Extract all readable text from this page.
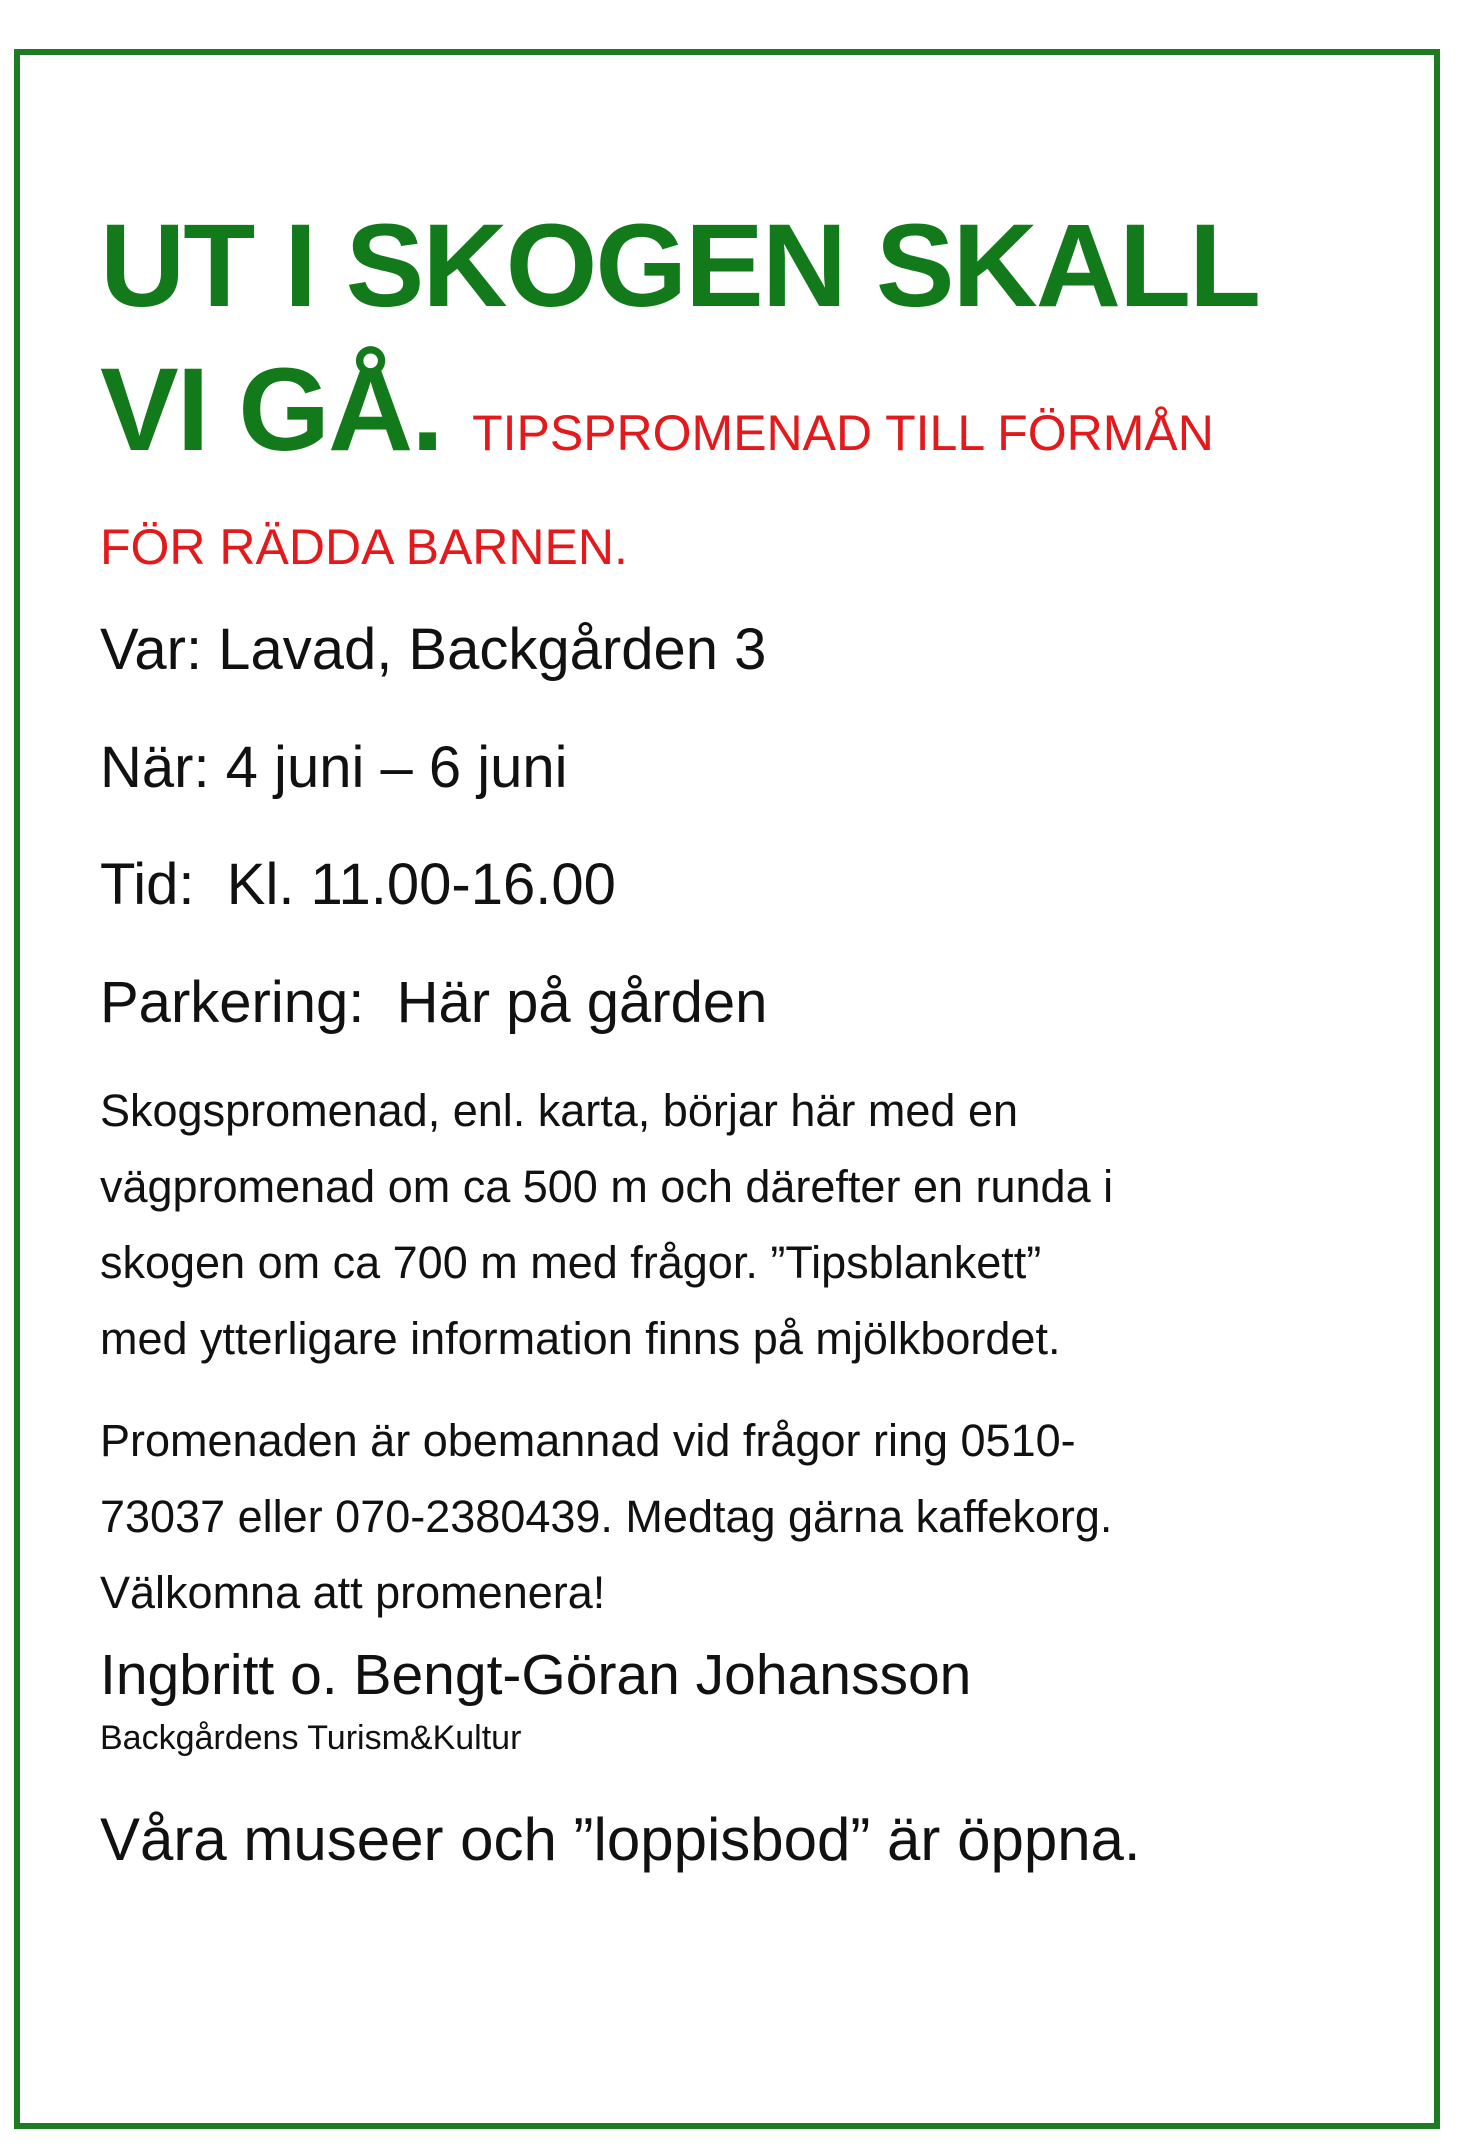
UT I SKOGEN SKALL
VI GÅ. TIPSPROMENAD TILL FÖRMÅN

FÖR RÄDDA BARNEN.

Var: Lavad, Backgården 3

När: 4 juni – 6 juni

Tid:  Kl. 11.00-16.00

Parkering:  Här på gården

Skogspromenad, enl. karta, börjar här med en
vägpromenad om ca 500 m och därefter en runda i
skogen om ca 700 m med frågor. ”Tipsblankett”
med ytterligare information finns på mjölkbordet.

Promenaden är obemannad vid frågor ring 0510-
73037 eller 070-2380439. Medtag gärna kaffekorg.
Välkomna att promenera!

Ingbritt o. Bengt-Göran Johansson

Backgårdens Turism&Kultur

Våra museer och ”loppisbod” är öppna.
